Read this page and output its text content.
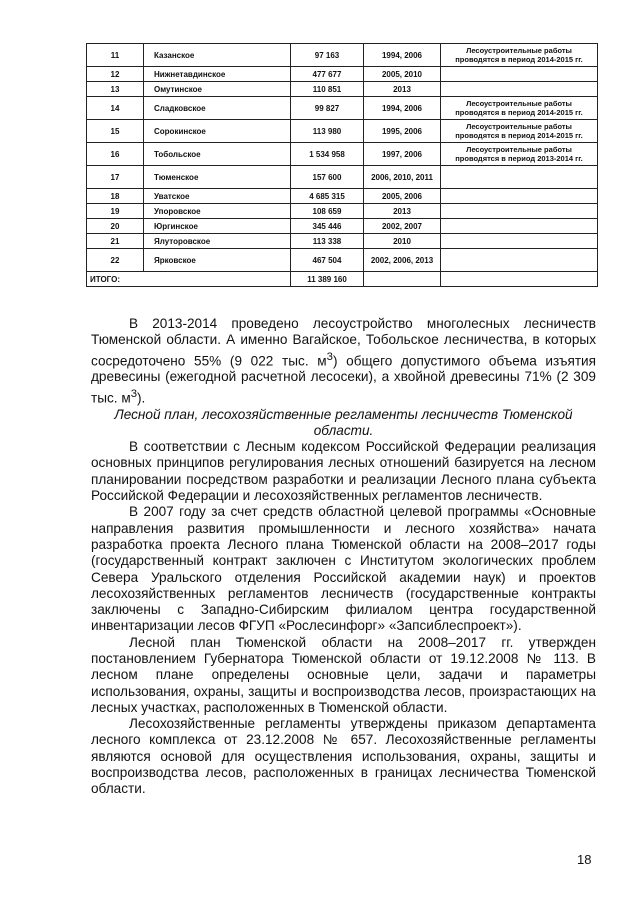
11	Казанское	97 163	1994, 2006	Лесоустроительные работы проводятся в период 2014-2015 гг.
12	Нижнетавдинское	477 677	2005, 2010	
13	Омутинское	110 851	2013	
14	Сладковское	99 827	1994, 2006	Лесоустроительные работы проводятся в период 2014-2015 гг.
15	Сорокинское	113 980	1995, 2006	Лесоустроительные работы проводятся в период 2014-2015 гг.
16	Тобольское	1 534 958	1997, 2006	Лесоустроительные работы проводятся в период 2013-2014 гг.
17	Тюменское	157 600	2006, 2010, 2011	
18	Уватское	4 685 315	2005, 2006	
19	Упоровское	108 659	2013	
20	Юргинское	345 446	2002, 2007	
21	Ялуторовское	113 338	2010	
22	Ярковское	467 504	2002, 2006, 2013	
ИТОГО:		11 389 160		

В 2013-2014 проведено лесоустройство многолесных лесничеств Тюменской области. А именно Вагайское, Тобольское лесничества, в которых сосредоточено 55% (9 022 тыс. $м^3$) общего допустимого объема изъятия древесины (ежегодной расчетной лесосеки), а хвойной древесины 71% (2 309 тыс. $м^3$).

Лесной план, лесохозяйственные регламенты лесничеств Тюменской области.

В соответствии с Лесным кодексом Российской Федерации реализация основных принципов регулирования лесных отношений базируется на лесном планировании посредством разработки и реализации Лесного плана субъекта Российской Федерации и лесохозяйственных регламентов лесничеств.

В 2007 году за счет средств областной целевой программы «Основные направления развития промышленности и лесного хозяйства» начата разработка проекта Лесного плана Тюменской области на 2008–2017 годы (государственный контракт заключен с Институтом экологических проблем Севера Уральского отделения Российской академии наук) и проектов лесохозяйственных регламентов лесничеств (государственные контракты заключены с Западно-Сибирским филиалом центра государственной инвентаризации лесов ФГУП «Рослесинфорг» «Запсиблеспроект»).

Лесной план Тюменской области на 2008–2017 гг. утвержден постановлением Губернатора Тюменской области от 19.12.2008 № 113. В лесном плане определены основные цели, задачи и параметры использования, охраны, защиты и воспроизводства лесов, произрастающих на лесных участках, расположенных в Тюменской области.

Лесохозяйственные регламенты утверждены приказом департамента лесного комплекса от 23.12.2008 № 657. Лесохозяйственные регламенты являются основой для осуществления использования, охраны, защиты и воспроизводства лесов, расположенных в границах лесничества Тюменской области.

18
